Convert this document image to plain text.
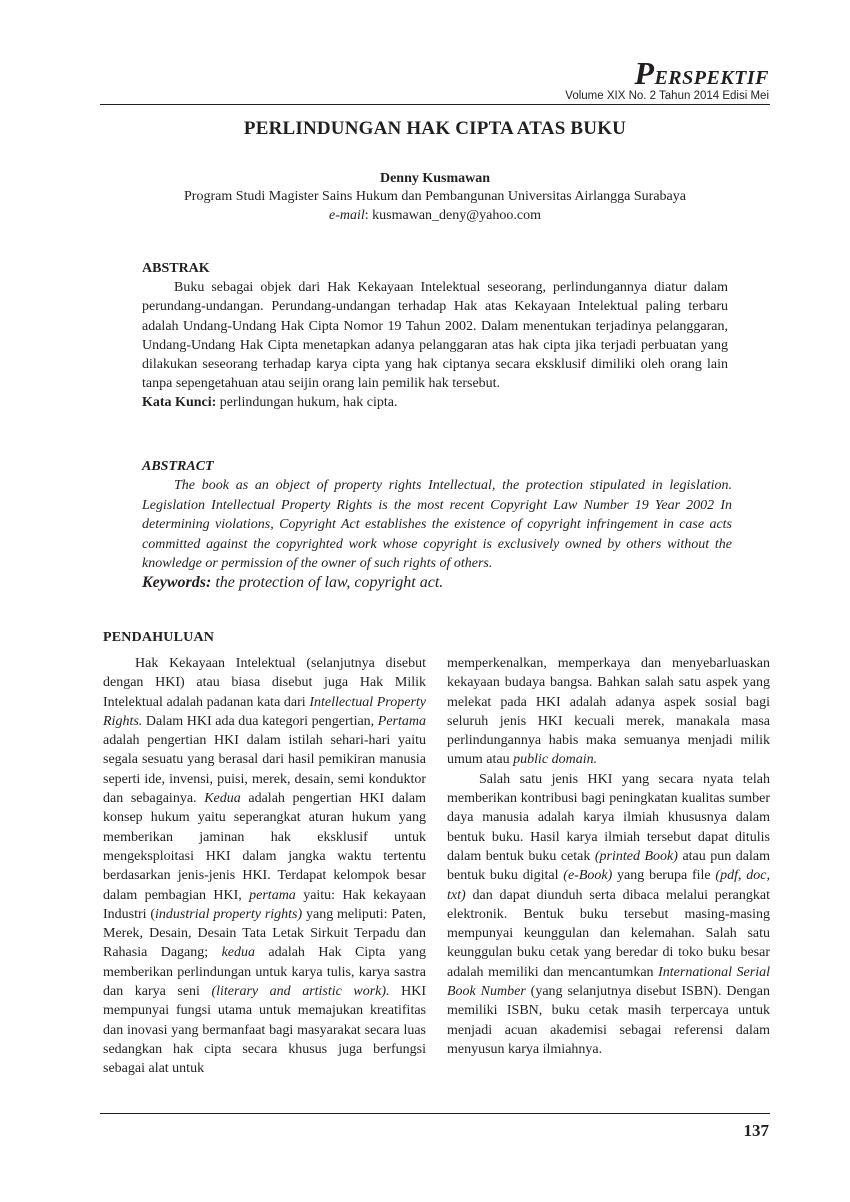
PERSPEKTIF
Volume XIX No. 2 Tahun 2014 Edisi Mei
PERLINDUNGAN HAK CIPTA ATAS BUKU
Denny Kusmawan
Program Studi Magister Sains Hukum dan Pembangunan Universitas Airlangga Surabaya
e-mail: kusmawan_deny@yahoo.com
ABSTRAK

Buku sebagai objek dari Hak Kekayaan Intelektual seseorang, perlindungannya diatur dalam perundang-undangan. Perundang-undangan terhadap Hak atas Kekayaan Intelektual paling terbaru adalah Undang-Undang Hak Cipta Nomor 19 Tahun 2002. Dalam menentukan terjadinya pelanggaran, Undang-Undang Hak Cipta menetapkan adanya pelanggaran atas hak cipta jika terjadi perbuatan yang dilakukan seseorang terhadap karya cipta yang hak ciptanya secara eksklusif dimiliki oleh orang lain tanpa sepengetahuan atau seijin orang lain pemilik hak tersebut.

Kata Kunci: perlindungan hukum, hak cipta.

ABSTRACT

The book as an object of property rights Intellectual, the protection stipulated in legislation. Legislation Intellectual Property Rights is the most recent Copyright Law Number 19 Year 2002 In determining violations, Copyright Act establishes the existence of copyright infringement in case acts committed against the copyrighted work whose copyright is exclusively owned by others without the knowledge or permission of the owner of such rights of others.

Keywords: the protection of law, copyright act.

PENDAHULUAN

Hak Kekayaan Intelektual (selanjutnya disebut dengan HKI) atau biasa disebut juga Hak Milik Intelektual adalah padanan kata dari Intellectual Property Rights. Dalam HKI ada dua kategori pengertian, Pertama adalah pengertian HKI dalam istilah sehari-hari yaitu segala sesuatu yang berasal dari hasil pemikiran manusia seperti ide, invensi, puisi, merek, desain, semi konduktor dan sebagainya. Kedua adalah pengertian HKI dalam konsep hukum yaitu seperangkat aturan hukum yang memberikan jaminan hak eksklusif untuk mengeksploitasi HKI dalam jangka waktu tertentu berdasarkan jenis-jenis HKI. Terdapat kelompok besar dalam pembagian HKI, pertama yaitu: Hak kekayaan Industri (industrial property rights) yang meliputi: Paten, Merek, Desain, Desain Tata Letak Sirkuit Terpadu dan Rahasia Dagang; kedua adalah Hak Cipta yang memberikan perlindungan untuk karya tulis, karya sastra dan karya seni (literary and artistic work). HKI mempunyai fungsi utama untuk memajukan kreatifitas dan inovasi yang bermanfaat bagi masyarakat secara luas sedangkan hak cipta secara khusus juga berfungsi sebagai alat untuk

memperkenalkan, memperkaya dan menyebarluaskan kekayaan budaya bangsa. Bahkan salah satu aspek yang melekat pada HKI adalah adanya aspek sosial bagi seluruh jenis HKI kecuali merek, manakala masa perlindungannya habis maka semuanya menjadi milik umum atau public domain.

Salah satu jenis HKI yang secara nyata telah memberikan kontribusi bagi peningkatan kualitas sumber daya manusia adalah karya ilmiah khususnya dalam bentuk buku. Hasil karya ilmiah tersebut dapat ditulis dalam bentuk buku cetak (printed Book) atau pun dalam bentuk buku digital (e-Book) yang berupa file (pdf, doc, txt) dan dapat diunduh serta dibaca melalui perangkat elektronik. Bentuk buku tersebut masing-masing mempunyai keunggulan dan kelemahan. Salah satu keunggulan buku cetak yang beredar di toko buku besar adalah memiliki dan mencantumkan International Serial Book Number (yang selanjutnya disebut ISBN). Dengan memiliki ISBN, buku cetak masih terpercaya untuk menjadi acuan akademisi sebagai referensi dalam menyusun karya ilmiahnya.

137
